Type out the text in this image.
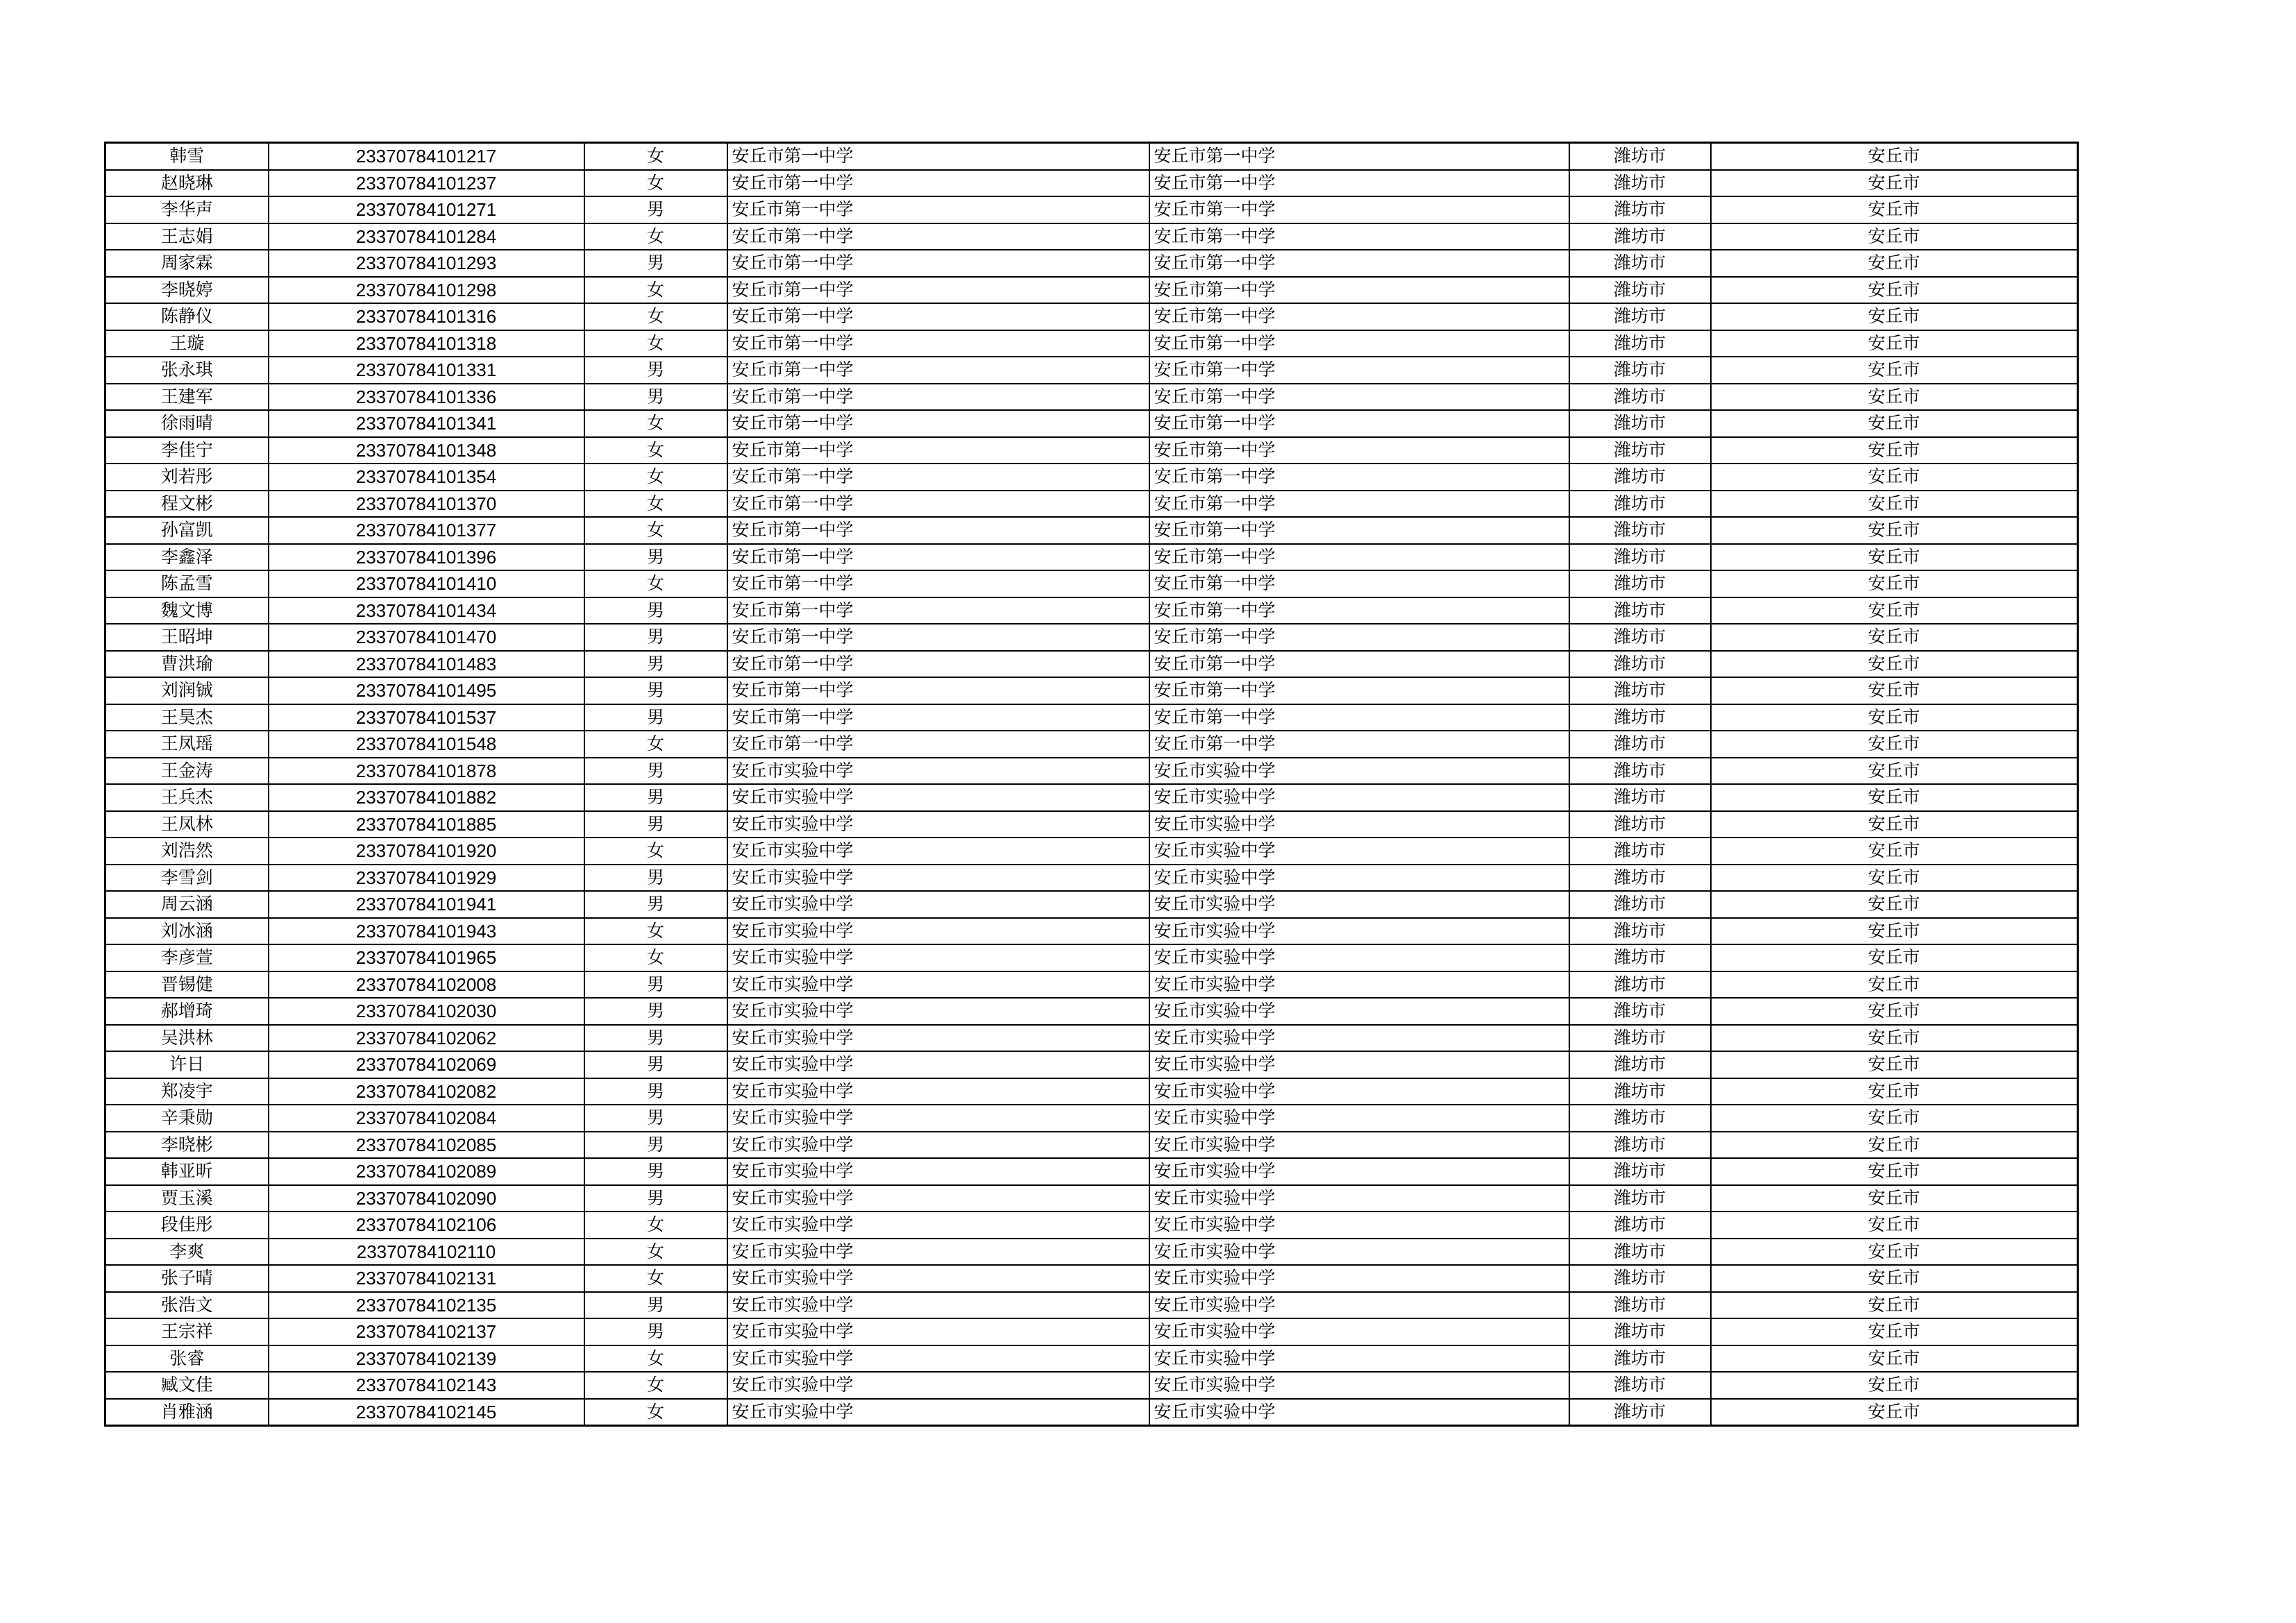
韩雪	23370784101217	女	安丘市第一中学	安丘市第一中学	潍坊市	安丘市
赵晓琳	23370784101237	女	安丘市第一中学	安丘市第一中学	潍坊市	安丘市
李华声	23370784101271	男	安丘市第一中学	安丘市第一中学	潍坊市	安丘市
王志娟	23370784101284	女	安丘市第一中学	安丘市第一中学	潍坊市	安丘市
周家霖	23370784101293	男	安丘市第一中学	安丘市第一中学	潍坊市	安丘市
李晓婷	23370784101298	女	安丘市第一中学	安丘市第一中学	潍坊市	安丘市
陈静仪	23370784101316	女	安丘市第一中学	安丘市第一中学	潍坊市	安丘市
王璇	23370784101318	女	安丘市第一中学	安丘市第一中学	潍坊市	安丘市
张永琪	23370784101331	男	安丘市第一中学	安丘市第一中学	潍坊市	安丘市
王建军	23370784101336	男	安丘市第一中学	安丘市第一中学	潍坊市	安丘市
徐雨晴	23370784101341	女	安丘市第一中学	安丘市第一中学	潍坊市	安丘市
李佳宁	23370784101348	女	安丘市第一中学	安丘市第一中学	潍坊市	安丘市
刘若彤	23370784101354	女	安丘市第一中学	安丘市第一中学	潍坊市	安丘市
程文彬	23370784101370	女	安丘市第一中学	安丘市第一中学	潍坊市	安丘市
孙富凯	23370784101377	女	安丘市第一中学	安丘市第一中学	潍坊市	安丘市
李鑫泽	23370784101396	男	安丘市第一中学	安丘市第一中学	潍坊市	安丘市
陈孟雪	23370784101410	女	安丘市第一中学	安丘市第一中学	潍坊市	安丘市
魏文博	23370784101434	男	安丘市第一中学	安丘市第一中学	潍坊市	安丘市
王昭坤	23370784101470	男	安丘市第一中学	安丘市第一中学	潍坊市	安丘市
曹洪瑜	23370784101483	男	安丘市第一中学	安丘市第一中学	潍坊市	安丘市
刘润铖	23370784101495	男	安丘市第一中学	安丘市第一中学	潍坊市	安丘市
王昊杰	23370784101537	男	安丘市第一中学	安丘市第一中学	潍坊市	安丘市
王凤瑶	23370784101548	女	安丘市第一中学	安丘市第一中学	潍坊市	安丘市
王金涛	23370784101878	男	安丘市实验中学	安丘市实验中学	潍坊市	安丘市
王兵杰	23370784101882	男	安丘市实验中学	安丘市实验中学	潍坊市	安丘市
王凤林	23370784101885	男	安丘市实验中学	安丘市实验中学	潍坊市	安丘市
刘浩然	23370784101920	女	安丘市实验中学	安丘市实验中学	潍坊市	安丘市
李雪剑	23370784101929	男	安丘市实验中学	安丘市实验中学	潍坊市	安丘市
周云涵	23370784101941	男	安丘市实验中学	安丘市实验中学	潍坊市	安丘市
刘冰涵	23370784101943	女	安丘市实验中学	安丘市实验中学	潍坊市	安丘市
李彦萱	23370784101965	女	安丘市实验中学	安丘市实验中学	潍坊市	安丘市
晋锡健	23370784102008	男	安丘市实验中学	安丘市实验中学	潍坊市	安丘市
郝增琦	23370784102030	男	安丘市实验中学	安丘市实验中学	潍坊市	安丘市
吴洪林	23370784102062	男	安丘市实验中学	安丘市实验中学	潍坊市	安丘市
许日	23370784102069	男	安丘市实验中学	安丘市实验中学	潍坊市	安丘市
郑凌宇	23370784102082	男	安丘市实验中学	安丘市实验中学	潍坊市	安丘市
辛秉勋	23370784102084	男	安丘市实验中学	安丘市实验中学	潍坊市	安丘市
李晓彬	23370784102085	男	安丘市实验中学	安丘市实验中学	潍坊市	安丘市
韩亚昕	23370784102089	男	安丘市实验中学	安丘市实验中学	潍坊市	安丘市
贾玉溪	23370784102090	男	安丘市实验中学	安丘市实验中学	潍坊市	安丘市
段佳彤	23370784102106	女	安丘市实验中学	安丘市实验中学	潍坊市	安丘市
李爽	23370784102110	女	安丘市实验中学	安丘市实验中学	潍坊市	安丘市
张子晴	23370784102131	女	安丘市实验中学	安丘市实验中学	潍坊市	安丘市
张浩文	23370784102135	男	安丘市实验中学	安丘市实验中学	潍坊市	安丘市
王宗祥	23370784102137	男	安丘市实验中学	安丘市实验中学	潍坊市	安丘市
张睿	23370784102139	女	安丘市实验中学	安丘市实验中学	潍坊市	安丘市
臧文佳	23370784102143	女	安丘市实验中学	安丘市实验中学	潍坊市	安丘市
肖雅涵	23370784102145	女	安丘市实验中学	安丘市实验中学	潍坊市	安丘市
